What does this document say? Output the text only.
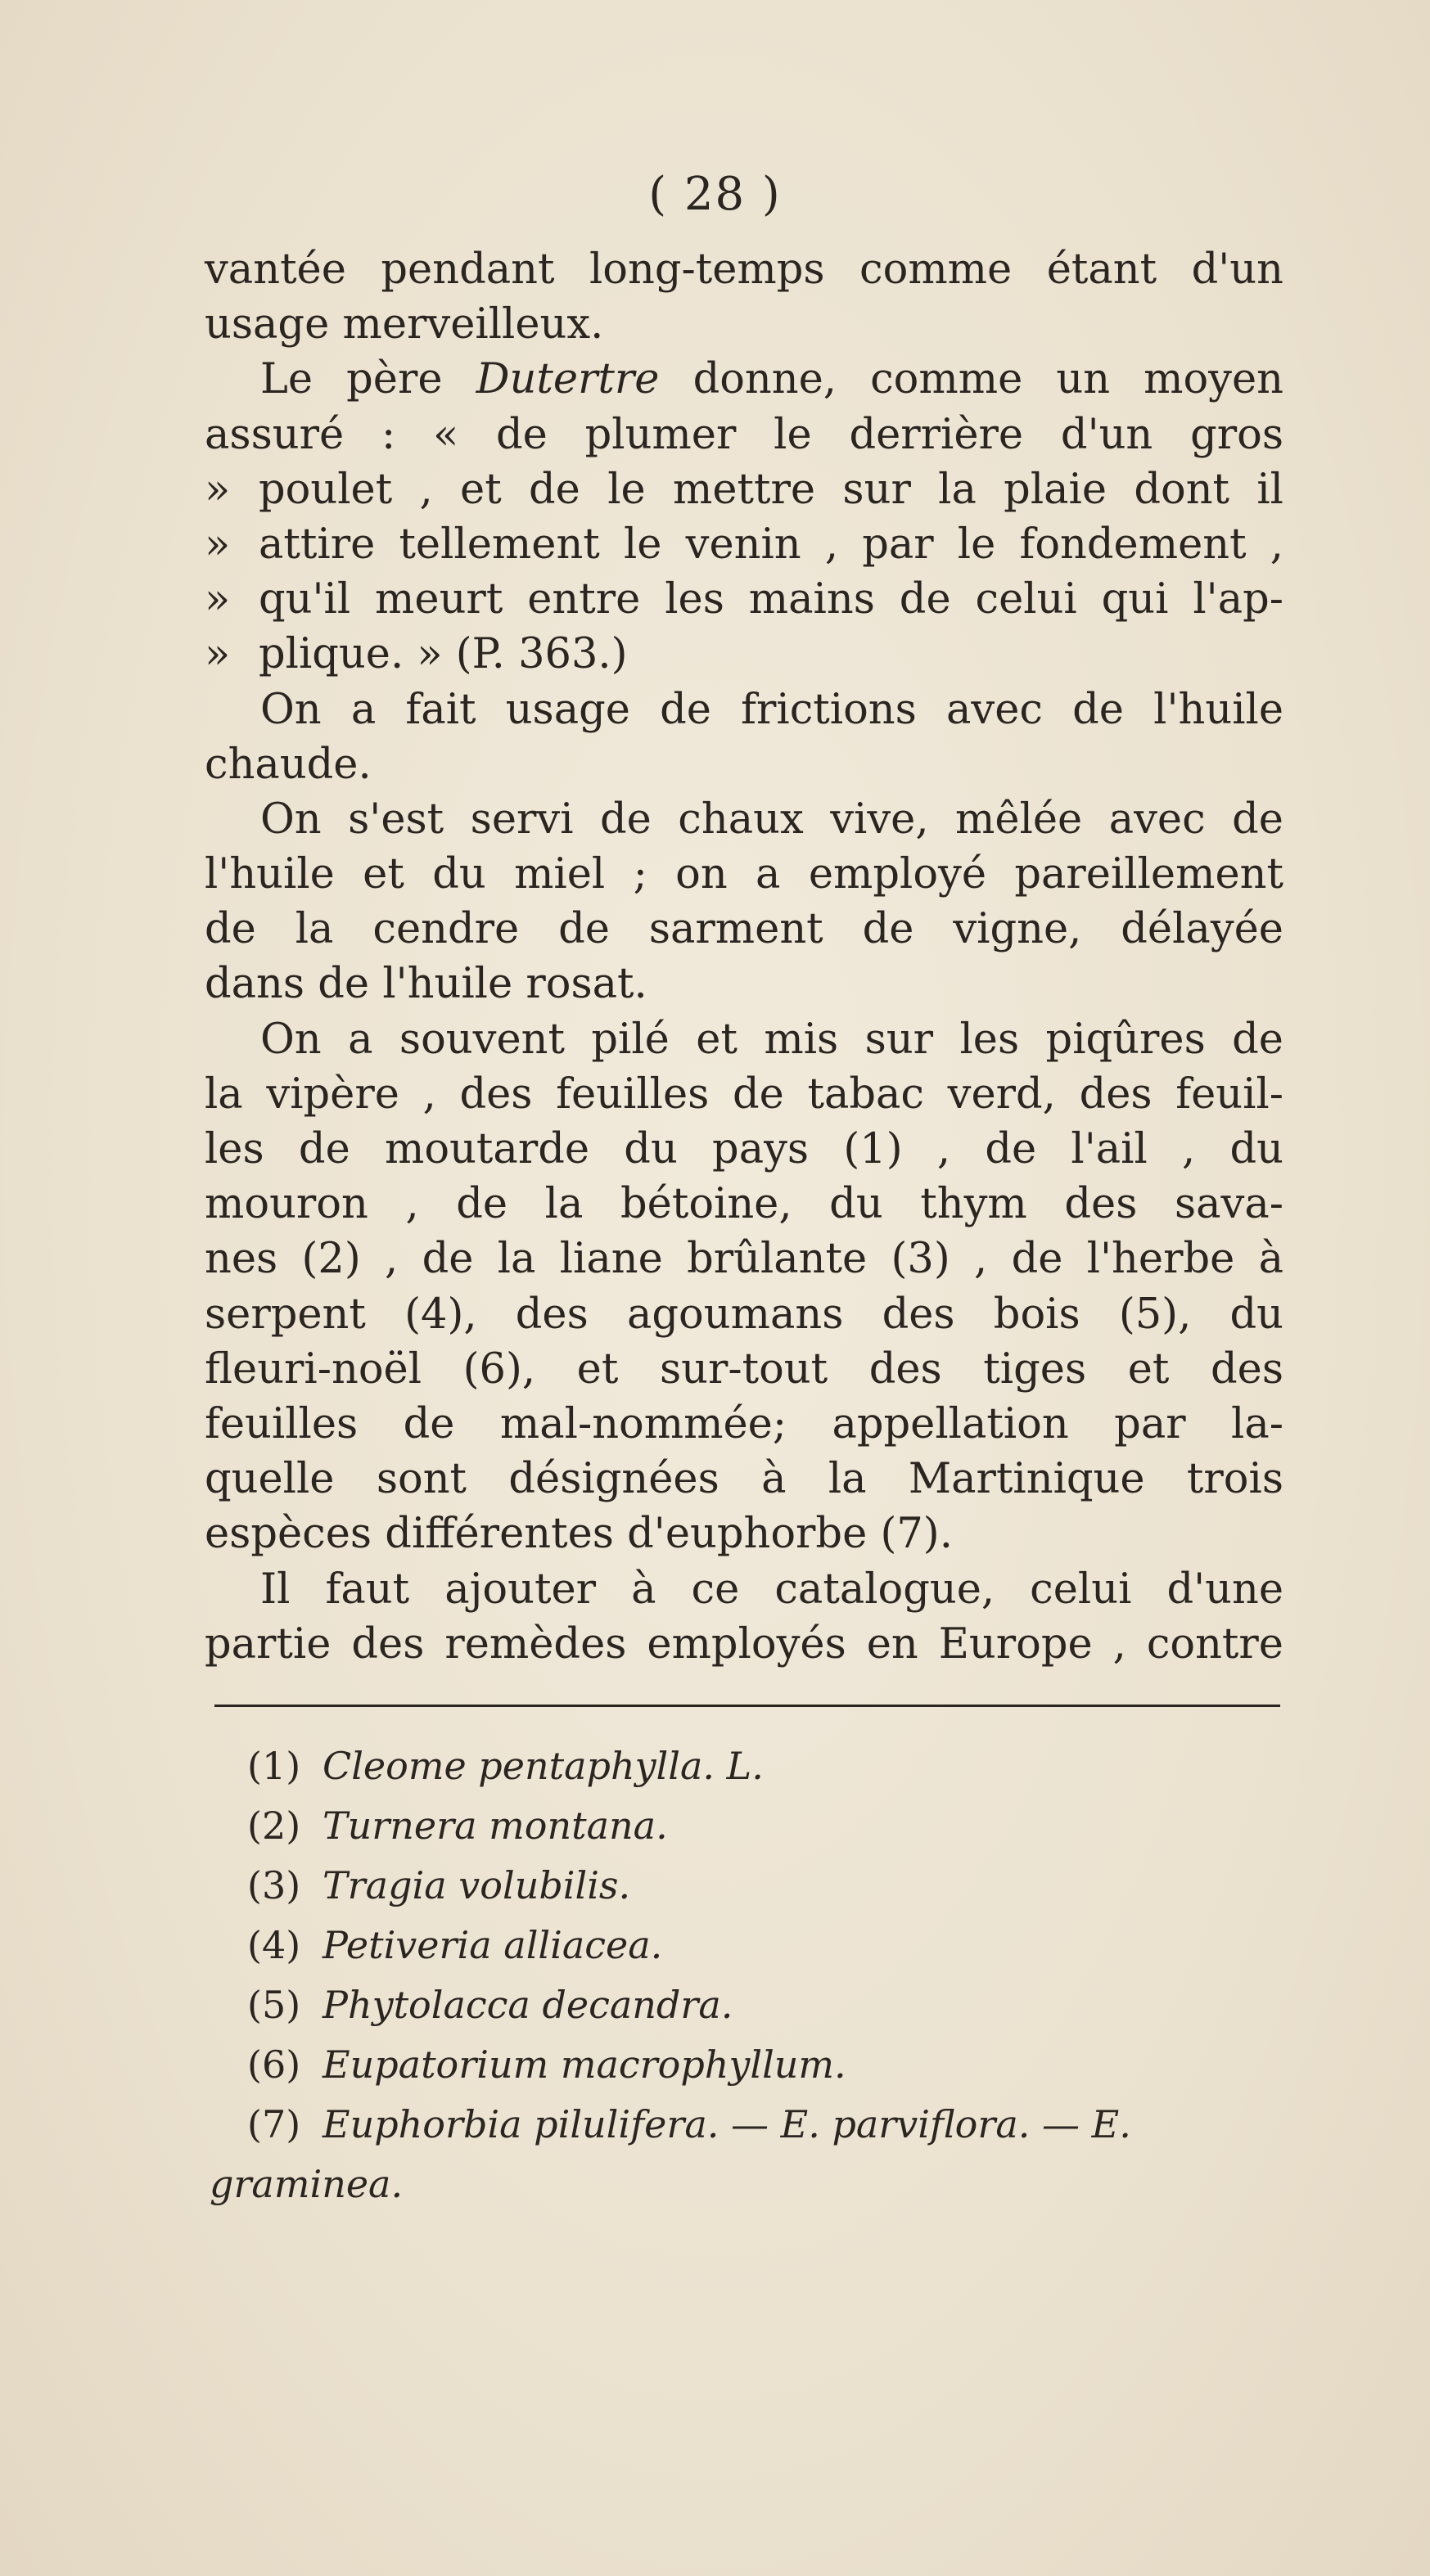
( 28 )
vantée pendant long-temps comme étant d'un
usage merveilleux.
Le père Dutertre donne, comme un moyen
assuré : « de plumer le derrière d'un gros
» poulet , et de le mettre sur la plaie dont il
» attire tellement le venin , par le fondement ,
» qu'il meurt entre les mains de celui qui l'ap-
» plique. » (P. 363.)
On a fait usage de frictions avec de l'huile
chaude.
On s'est servi de chaux vive, mêlée avec de
l'huile et du miel ; on a employé pareillement
de la cendre de sarment de vigne, délayée
dans de l'huile rosat.
On a souvent pilé et mis sur les piqûres de
la vipère , des feuilles de tabac verd, des feuil-
les de moutarde du pays (1) , de l'ail , du
mouron , de la bétoine, du thym des sava-
nes (2) , de la liane brûlante (3) , de l'herbe à
serpent (4), des agoumans des bois (5), du
fleuri-noël (6), et sur-tout des tiges et des
feuilles de mal-nommée; appellation par la-
quelle sont désignées à la Martinique trois
espèces différentes d'euphorbe (7).
Il faut ajouter à ce catalogue, celui d'une
partie des remèdes employés en Europe , contre
(1) Cleome pentaphylla. L.
(2) Turnera montana.
(3) Tragia volubilis.
(4) Petiveria alliacea.
(5) Phytolacca decandra.
(6) Eupatorium macrophyllum.
(7) Euphorbia pilulifera. — E. parviflora. — E.
graminea.
